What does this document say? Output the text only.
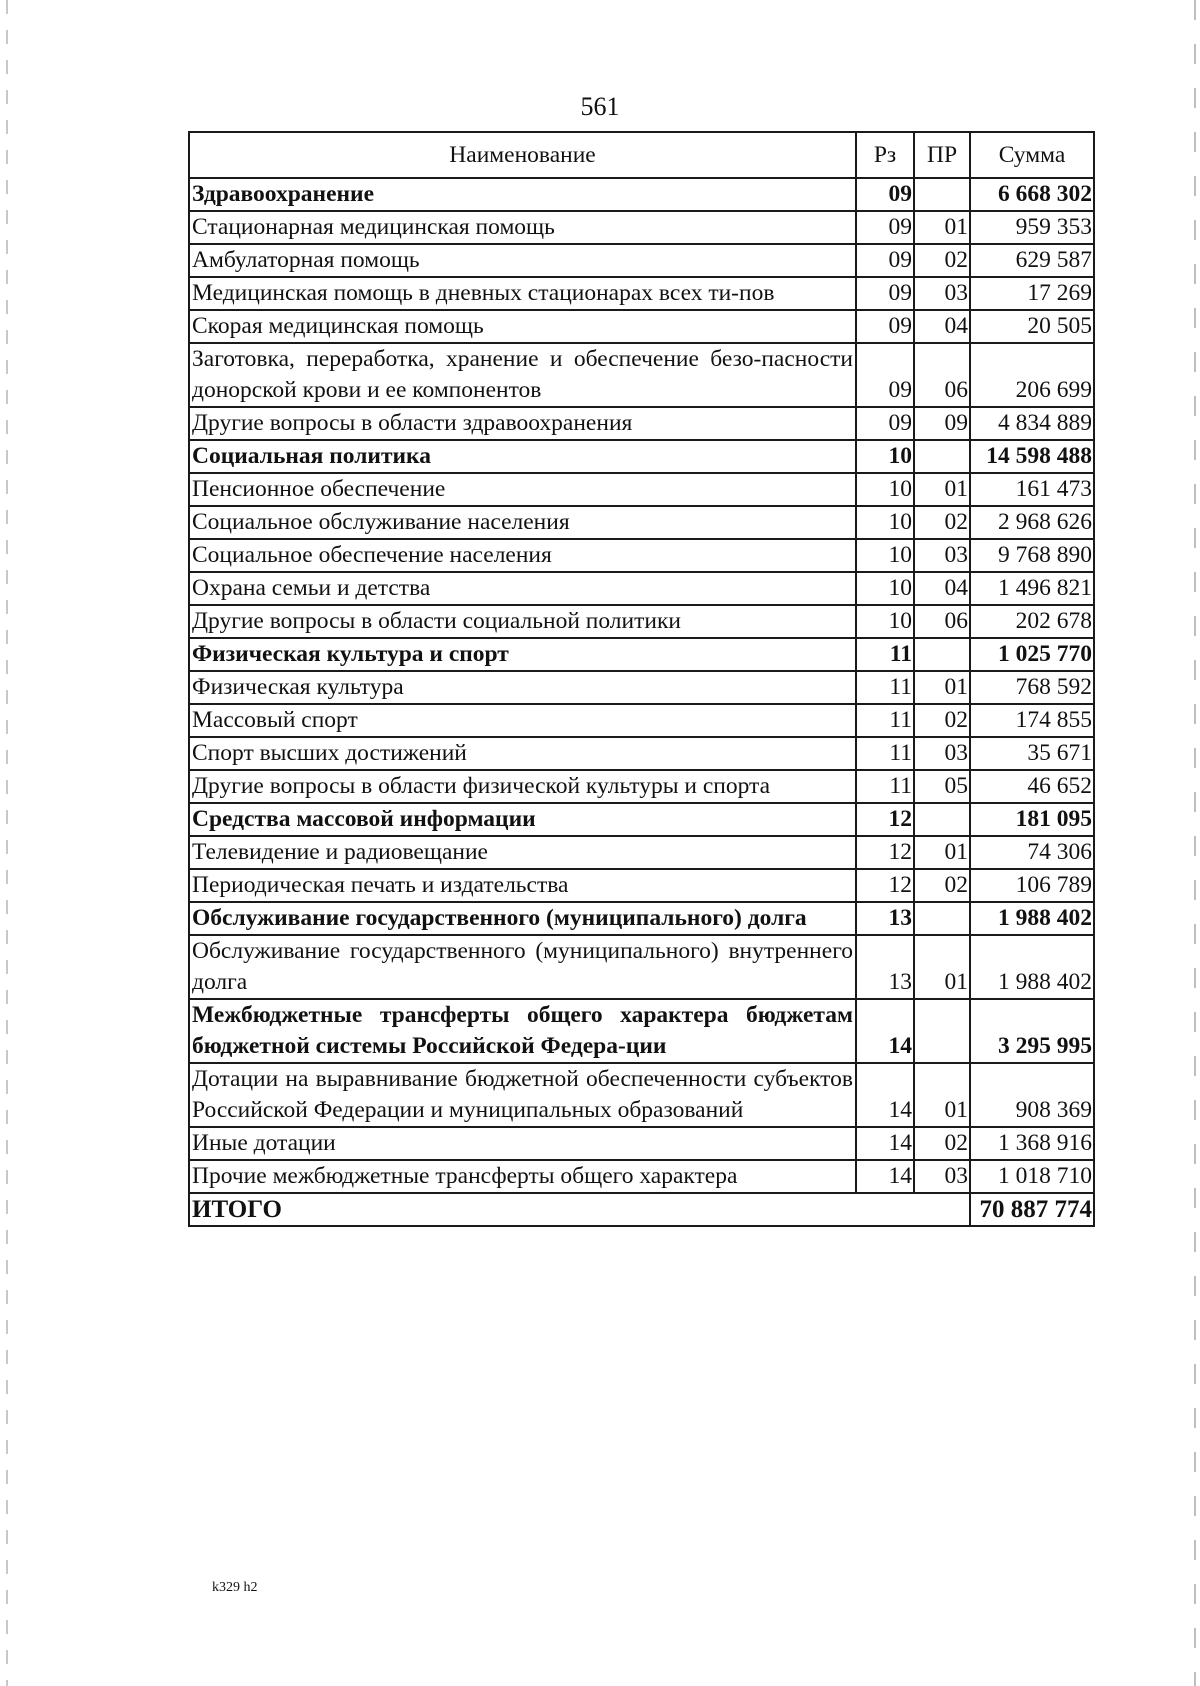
561
Наименование	Рз	ПР	Сумма
Здравоохранение	09		6 668 302
Стационарная медицинская помощь	09	01	959 353
Амбулаторная помощь	09	02	629 587
Медицинская помощь в дневных стационарах всех ти-пов	09	03	17 269
Скорая медицинская помощь	09	04	20 505
Заготовка, переработка, хранение и обеспечение безо-пасности донорской крови и ее компонентов	09	06	206 699
Другие вопросы в области здравоохранения	09	09	4 834 889
Социальная политика	10		14 598 488
Пенсионное обеспечение	10	01	161 473
Социальное обслуживание населения	10	02	2 968 626
Социальное обеспечение населения	10	03	9 768 890
Охрана семьи и детства	10	04	1 496 821
Другие вопросы в области социальной политики	10	06	202 678
Физическая культура и спорт	11		1 025 770
Физическая культура	11	01	768 592
Массовый спорт	11	02	174 855
Спорт высших достижений	11	03	35 671
Другие вопросы в области физической культуры и спорта	11	05	46 652
Средства массовой информации	12		181 095
Телевидение и радиовещание	12	01	74 306
Периодическая печать и издательства	12	02	106 789
Обслуживание государственного (муниципального) долга	13		1 988 402
Обслуживание государственного (муниципального) внутреннего долга	13	01	1 988 402
Межбюджетные трансферты общего характера бюджетам бюджетной системы Российской Федера-ции	14		3 295 995
Дотации на выравнивание бюджетной обеспеченности субъектов Российской Федерации и муниципальных образований	14	01	908 369
Иные дотации	14	02	1 368 916
Прочие межбюджетные трансферты общего характера	14	03	1 018 710
ИТОГО			70 887 774
k329 h2
